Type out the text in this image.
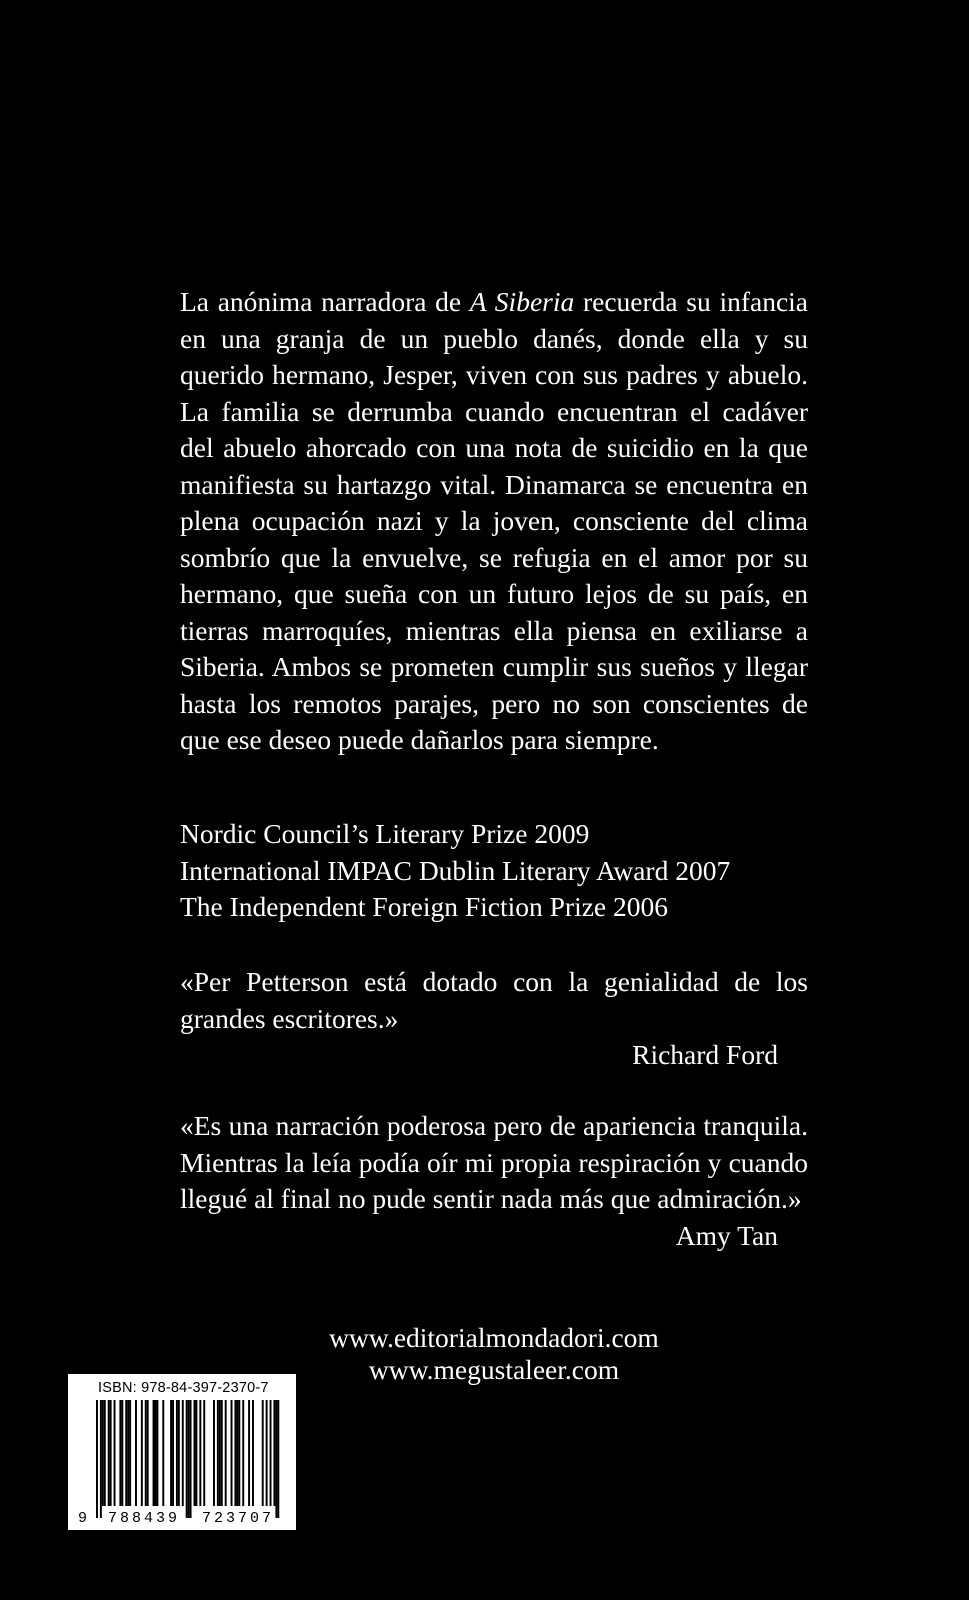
La anónima narradora de A Siberia recuerda su infancia en una granja de un pueblo danés, donde ella y su querido hermano, Jesper, viven con sus padres y abuelo. La familia se derrumba cuando encuentran el cadáver del abuelo ahorcado con una nota de suicidio en la que manifiesta su hartazgo vital. Dinamarca se encuentra en plena ocupación nazi y la joven, consciente del clima sombrío que la envuelve, se refugia en el amor por su hermano, que sueña con un futuro lejos de su país, en tierras marroquíes, mientras ella piensa en exiliarse a Siberia. Ambos se prometen cumplir sus sueños y llegar hasta los remotos parajes, pero no son conscientes de que ese deseo puede dañarlos para siempre.

Nordic Council’s Literary Prize 2009
International IMPAC Dublin Literary Award 2007
The Independent Foreign Fiction Prize 2006
«Per Petterson está dotado con la genialidad de los grandes escritores.»
Richard Ford
«Es una narración poderosa pero de apariencia tranquila. Mientras la leía podía oír mi propia respiración y cuando llegué al final no pude sentir nada más que admiración.»
Amy Tan
www.editorialmondadori.com
www.megustaleer.com
ISBN: 978-84-397-2370-7
9 788439 723707
